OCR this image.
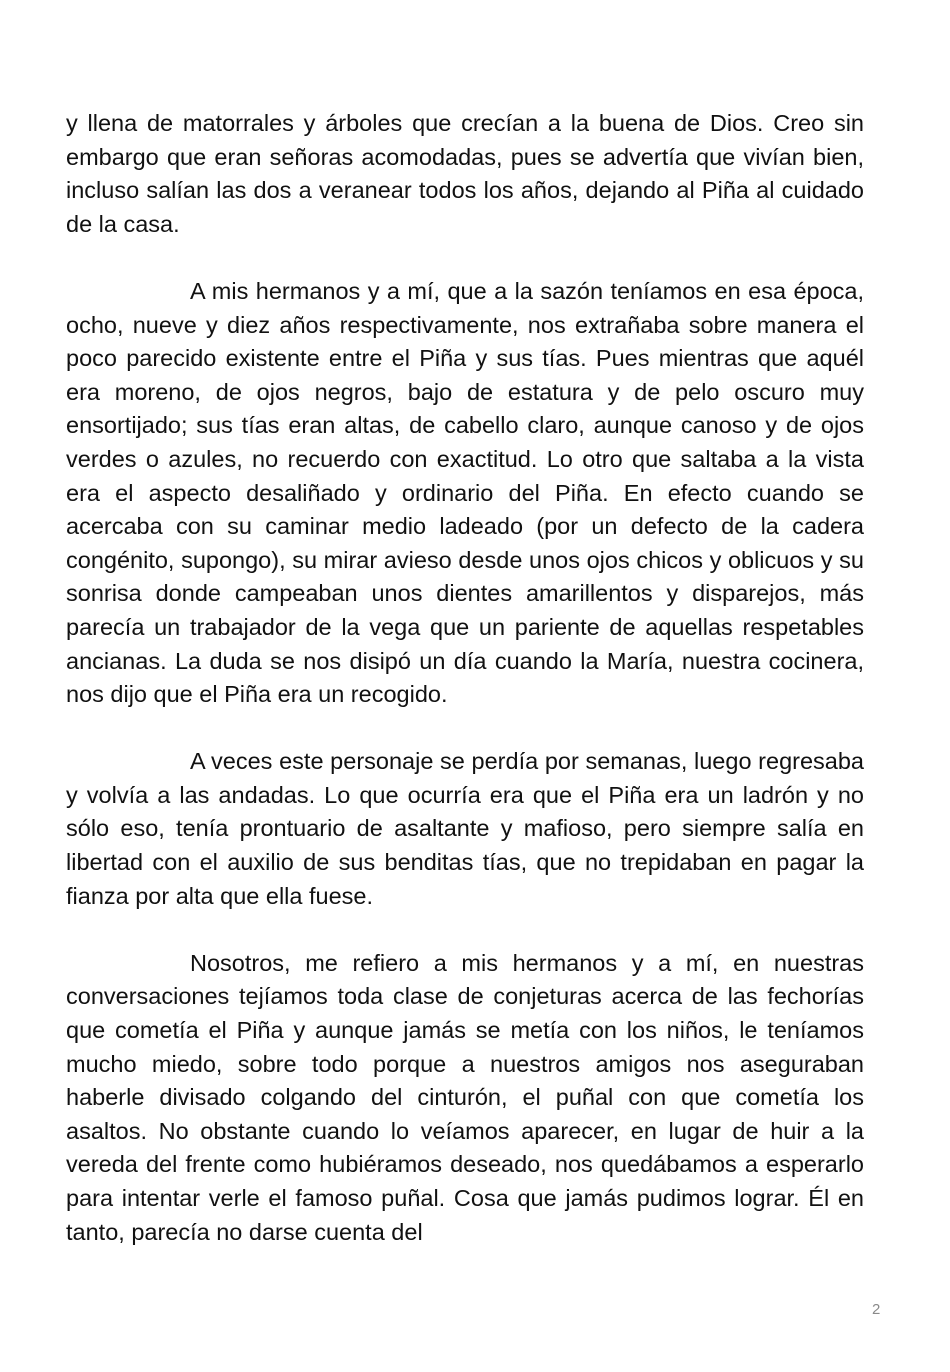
y llena de matorrales y árboles que crecían a la buena de Dios. Creo sin embargo que eran señoras acomodadas, pues se advertía que vivían bien, incluso salían las dos a veranear todos los años, dejando al Piña al cuidado de la casa.

A mis hermanos y a mí, que a la sazón teníamos en esa época, ocho, nueve y diez años respectivamente, nos extrañaba sobre manera el poco parecido existente entre el Piña y sus tías. Pues mientras que aquél era moreno, de ojos negros, bajo de estatura y de pelo oscuro muy ensortijado; sus tías eran altas, de cabello claro, aunque canoso y de ojos verdes o azules, no recuerdo con exactitud. Lo otro que saltaba a la vista era el aspecto desaliñado y ordinario del Piña. En efecto cuando se acercaba con su caminar medio ladeado (por un defecto de la cadera congénito, supongo), su mirar avieso desde unos ojos chicos y oblicuos y su sonrisa donde campeaban unos dientes amarillentos y disparejos, más parecía un trabajador de la vega que un pariente de aquellas respetables ancianas. La duda se nos disipó un día cuando la María, nuestra cocinera, nos dijo que el Piña era un recogido.

A veces este personaje se perdía por semanas, luego regresaba y volvía a las andadas. Lo que ocurría era que el Piña era un ladrón y no sólo eso, tenía prontuario de asaltante y mafioso, pero siempre salía en libertad con el auxilio de sus benditas tías, que no trepidaban en pagar la fianza por alta que ella fuese.

Nosotros, me refiero a mis hermanos y a mí, en nuestras conversaciones tejíamos toda clase de conjeturas acerca de las fechorías que cometía el Piña y aunque jamás se metía con los niños, le teníamos mucho miedo, sobre todo porque a nuestros amigos nos aseguraban haberle divisado colgando del cinturón, el puñal con que cometía los asaltos. No obstante cuando lo veíamos aparecer, en lugar de huir a la vereda del frente como hubiéramos deseado, nos quedábamos a esperarlo para intentar verle el famoso puñal. Cosa que jamás pudimos lograr. Él en tanto, parecía no darse cuenta del

2
